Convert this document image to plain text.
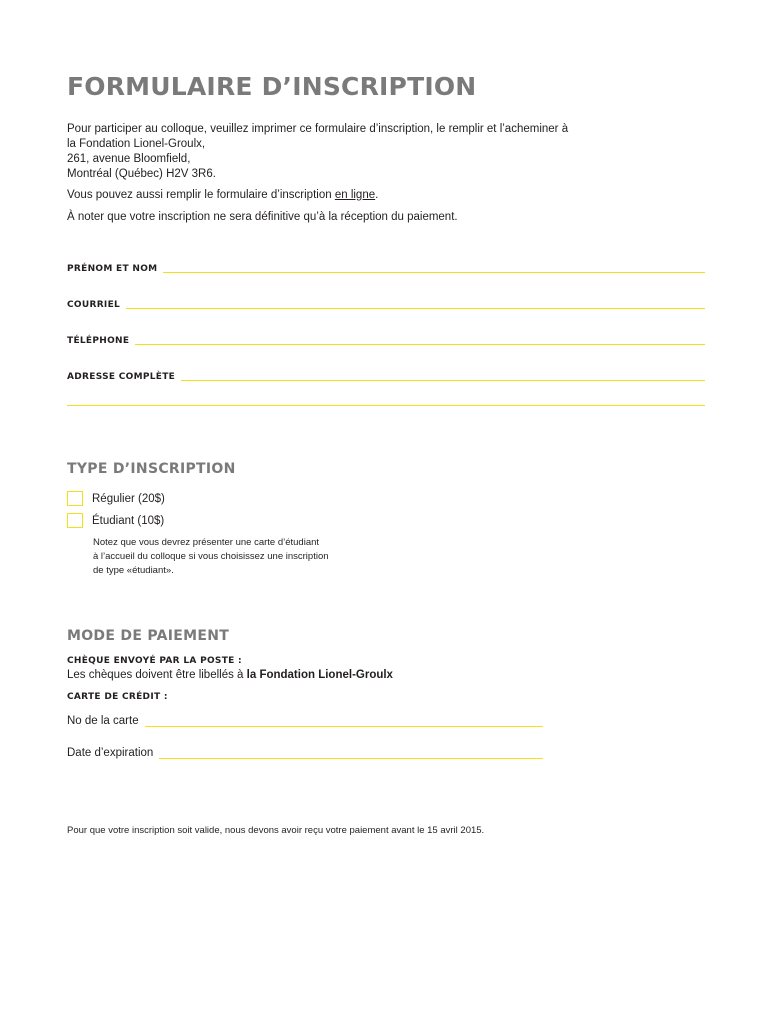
FORMULAIRE D’INSCRIPTION

Pour participer au colloque, veuillez imprimer ce formulaire d’inscription, le remplir et l’acheminer à

la Fondation Lionel-Groulx,

261, avenue Bloomfield,

Montréal (Québec) H2V 3R6.

Vous pouvez aussi remplir le formulaire d’inscription en ligne.

À noter que votre inscription ne sera définitive qu’à la réception du paiement.

PRÉNOM ET NOM
COURRIEL
TÉLÉPHONE
ADRESSE COMPLÈTE
TYPE D’INSCRIPTION
Régulier (20$)
Étudiant (10$)

Notez que vous devrez présenter une carte d’étudiant

à l’accueil du colloque si vous choisissez une inscription

de type «étudiant».

MODE DE PAIEMENT
CHÈQUE ENVOYÉ PAR LA POSTE :
Les chèques doivent être libellés à la Fondation Lionel-Groulx
CARTE DE CRÉDIT :
No de la carte
Date d’expiration
Pour que votre inscription soit valide, nous devons avoir reçu votre paiement avant le 15 avril 2015.
